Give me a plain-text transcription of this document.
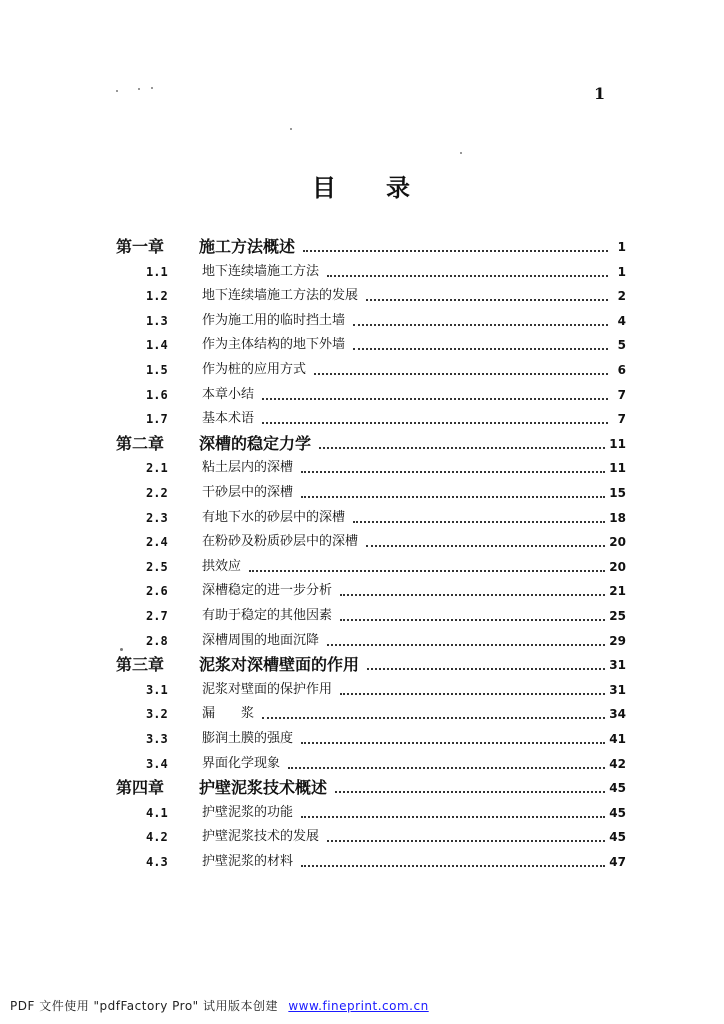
1
目录
第一章	施工方法概述	1
1.1	地下连续墙施工方法	1
1.2	地下连续墙施工方法的发展	2
1.3	作为施工用的临时挡土墙	4
1.4	作为主体结构的地下外墙	5
1.5	作为桩的应用方式	6
1.6	本章小结	7
1.7	基本术语	7
第二章	深槽的稳定力学	11
2.1	粘土层内的深槽	11
2.2	干砂层中的深槽	15
2.3	有地下水的砂层中的深槽	18
2.4	在粉砂及粉质砂层中的深槽	20
2.5	拱效应	20
2.6	深槽稳定的进一步分析	21
2.7	有助于稳定的其他因素	25
2.8	深槽周围的地面沉降	29
第三章	泥浆对深槽壁面的作用	31
3.1	泥浆对壁面的保护作用	31
3.2	漏　　浆	34
3.3	膨润土膜的强度	41
3.4	界面化学现象	42
第四章	护壁泥浆技术概述	45
4.1	护壁泥浆的功能	45
4.2	护壁泥浆技术的发展	45
4.3	护壁泥浆的材料	47
PDF 文件使用 "pdfFactory Pro" 试用版本创建 www.fineprint.com.cn
